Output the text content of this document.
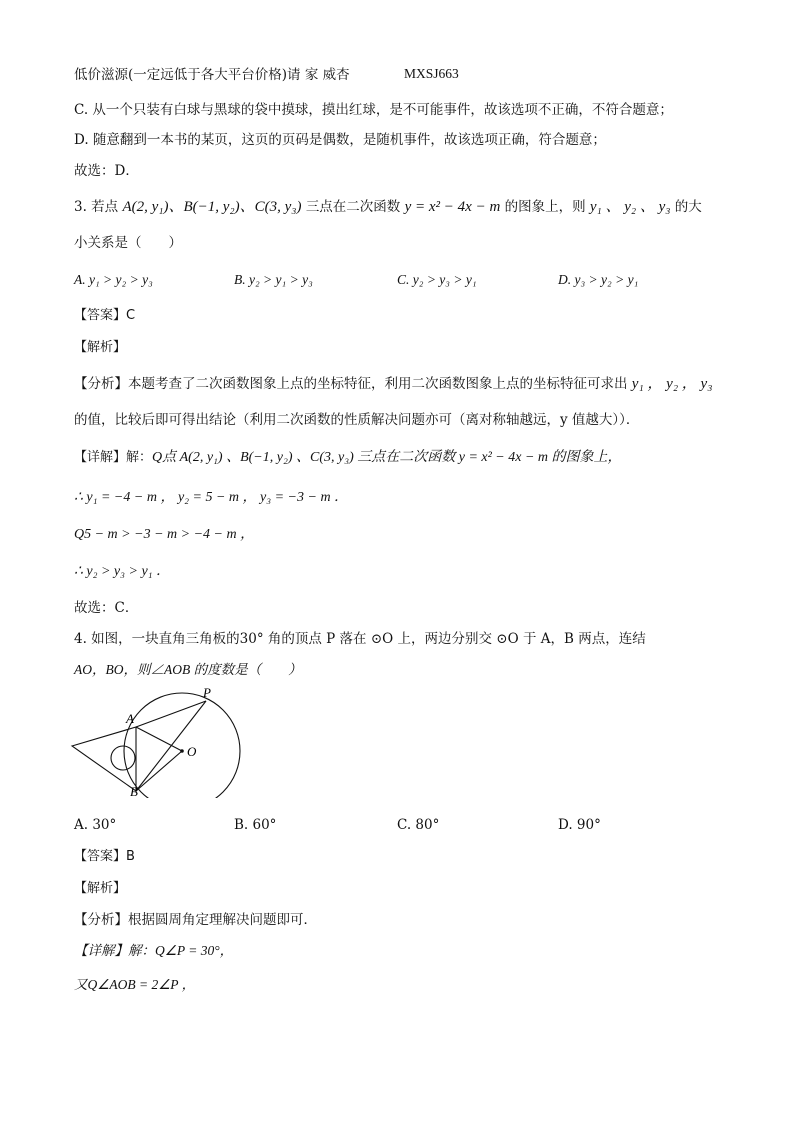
低价滋源(一定远低于各大平台价格)请 家 威杏	MXSJ663
C. 从一个只装有白球与黑球的袋中摸球，摸出红球，是不可能事件，故该选项不正确，不符合题意；
D. 随意翻到一本书的某页，这页的页码是偶数，是随机事件，故该选项正确，符合题意；
故选：D．
3. 若点 A(2, y₁)、B(−1, y₂)、C(3, y₃) 三点在二次函数 y = x² − 4x − m 的图象上，则 y₁ 、 y₂ 、 y₃ 的大
小关系是（　　）
A. y₁ > y₂ > y₃	B. y₂ > y₁ > y₃	C. y₂ > y₃ > y₁	D. y₃ > y₂ > y₁
【答案】C
【解析】
【分析】本题考查了二次函数图象上点的坐标特征，利用二次函数图象上点的坐标特征可求出 y₁ ， y₂ ， y₃
的值，比较后即可得出结论（利用二次函数的性质解决问题亦可（离对称轴越远，y 值越大））．
【详解】解：Q点 A(2, y₁) 、B(−1, y₂) 、C(3, y₃) 三点在二次函数 y = x² − 4x − m 的图象上，
∴ y₁ = −4 − m ， y₂ = 5 − m ， y₃ = −3 − m ．
Q5 − m > −3 − m > −4 − m ，
∴ y₂ > y₃ > y₁ ．
故选：C．
4. 如图，一块直角三角板的30° 角的顶点 P 落在 ⊙O 上，两边分别交 ⊙O 于 A，B 两点，连结
AO，BO，则∠AOB 的度数是（　　）
P
A
O
B
A. 30°	B. 60°	C. 80°	D. 90°
【答案】B
【解析】
【分析】根据圆周角定理解决问题即可．
【详解】解：Q∠P = 30°，
又Q∠AOB = 2∠P ，
